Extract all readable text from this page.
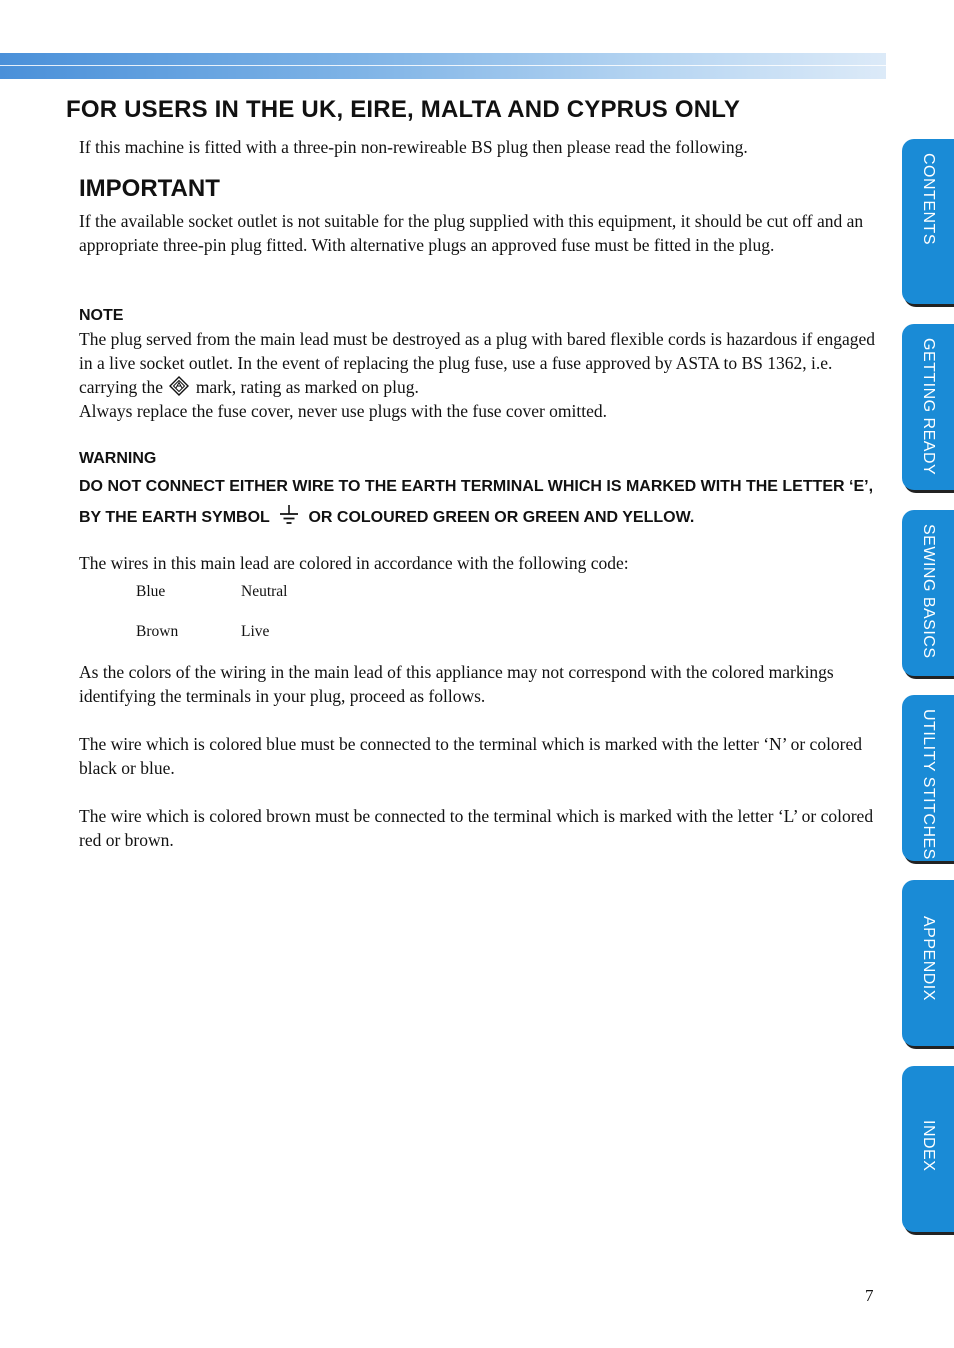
FOR USERS IN THE UK, EIRE, MALTA AND CYPRUS ONLY

If this machine is fitted with a three-pin non-rewireable BS plug then please read the following.

IMPORTANT

If the available socket outlet is not suitable for the plug supplied with this equipment, it should be cut off and an appropriate three-pin plug fitted. With alternative plugs an approved fuse must be fitted in the plug.

NOTE

The plug served from the main lead must be destroyed as a plug with bared flexible cords is hazardous if engaged in a live socket outlet. In the event of replacing the plug fuse, use a fuse approved by ASTA to BS 1362, i.e. carrying the mark, rating as marked on plug.
Always replace the fuse cover, never use plugs with the fuse cover omitted.

WARNING

DO NOT CONNECT EITHER WIRE TO THE EARTH TERMINAL WHICH IS MARKED WITH THE LETTER ‘E’, BY THE EARTH SYMBOL OR COLOURED GREEN OR GREEN AND YELLOW.

The wires in this main lead are colored in accordance with the following code:

Blue	Neutral
Brown	Live

As the colors of the wiring in the main lead of this appliance may not correspond with the colored markings identifying the terminals in your plug, proceed as follows.

The wire which is colored blue must be connected to the terminal which is marked with the letter ‘N’ or colored black or blue.

The wire which is colored brown must be connected to the terminal which is marked with the letter ‘L’ or colored red or brown.

CONTENTS
GETTING READY
SEWING BASICS
UTILITY STITCHES
APPENDIX
INDEX
7
